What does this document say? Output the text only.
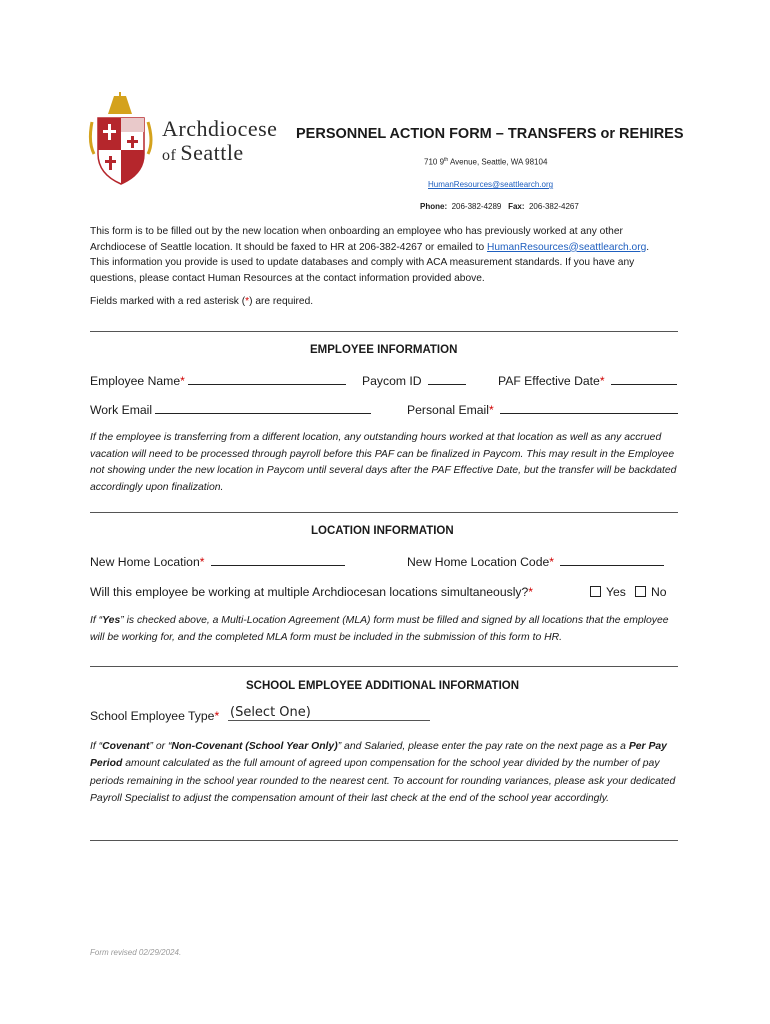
Archdiocese
of Seattle
PERSONNEL ACTION FORM – TRANSFERS or REHIRES
710 9th Avenue, Seattle, WA 98104
HumanResources@seattlearch.org
Phone: 206-382-4289 Fax: 206-382-4267
This form is to be filled out by the new location when onboarding an employee who has previously worked at any other Archdiocese of Seattle location. It should be faxed to HR at 206-382-4267 or emailed to HumanResources@seattlearch.org. This information you provide is used to update databases and comply with ACA measurement standards. If you have any questions, please contact Human Resources at the contact information provided above.
Fields marked with a red asterisk (*) are required.
EMPLOYEE INFORMATION
Employee Name*	Paycom ID	PAF Effective Date*
Work Email	Personal Email*
If the employee is transferring from a different location, any outstanding hours worked at that location as well as any accrued vacation will need to be processed through payroll before this PAF can be finalized in Paycom. This may result in the Employee not showing under the new location in Paycom until several days after the PAF Effective Date, but the transfer will be backdated accordingly upon finalization.
LOCATION INFORMATION
New Home Location*	New Home Location Code*
Will this employee be working at multiple Archdiocesan locations simultaneously?*	Yes	No
If “Yes” is checked above, a Multi-Location Agreement (MLA) form must be filled and signed by all locations that the employee will be working for, and the completed MLA form must be included in the submission of this form to HR.
SCHOOL EMPLOYEE ADDITIONAL INFORMATION
School Employee Type* (Select One)
If “Covenant” or “Non-Covenant (School Year Only)” and Salaried, please enter the pay rate on the next page as a Per Pay Period amount calculated as the full amount of agreed upon compensation for the school year divided by the number of pay periods remaining in the school year rounded to the nearest cent. To account for rounding variances, please ask your dedicated Payroll Specialist to adjust the compensation amount of their last check at the end of the school year accordingly.
Form revised 02/29/2024.
